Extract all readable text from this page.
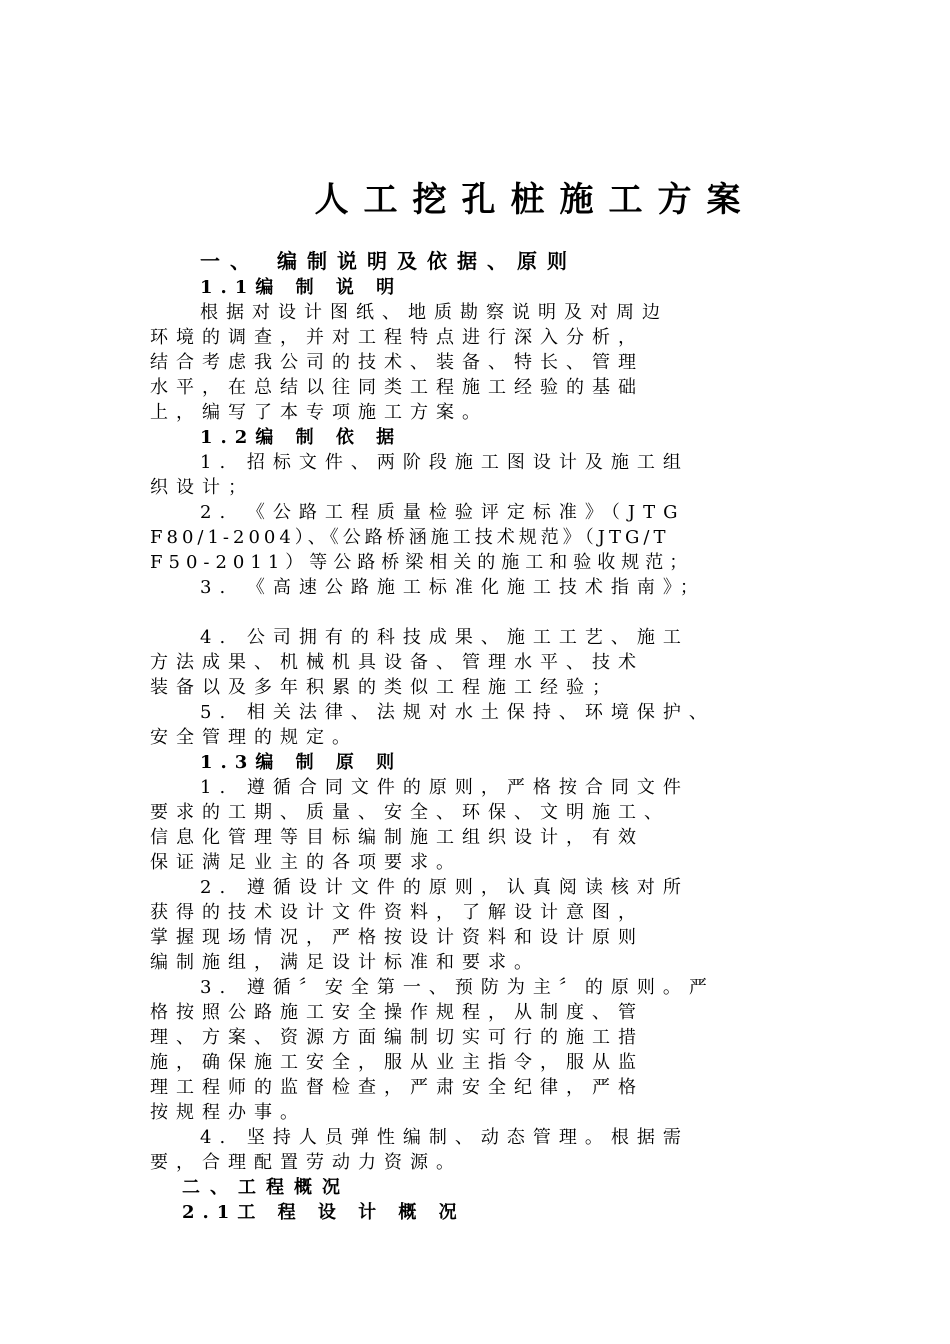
人工挖孔桩施工方案

一、 编制说明及依据、原则

1.1编 制 说 明

根据对设计图纸、地质勘察说明及对周边

环境的调查，并对工程特点进行深入分析，

结合考虑我公司的技术、装备、特长、管理

水平，在总结以往同类工程施工经验的基础

上，编写了本专项施工方案。

1.2编 制 依 据

1. 招标文件、两阶段施工图设计及施工组

织设计；

2. 《公路工程质量检验评定标准》（JTG

F80/1-2004）、《公路桥涵施工技术规范》（JTG/T

F50-2011）等公路桥梁相关的施工和验收规范；

3. 《高速公路施工标准化施工技术指南》；

4. 公司拥有的科技成果、施工工艺、施工

方法成果、机械机具设备、管理水平、技术

装备以及多年积累的类似工程施工经验；

5. 相关法律、法规对水土保持、环境保护、

安全管理的规定。

1.3编 制 原 则

1. 遵循合同文件的原则，严格按合同文件

要求的工期、质量、安全、环保、文明施工、

信息化管理等目标编制施工组织设计，有效

保证满足业主的各项要求。

2. 遵循设计文件的原则，认真阅读核对所

获得的技术设计文件资料，了解设计意图，

掌握现场情况，严格按设计资料和设计原则

编制施组，满足设计标准和要求。

3. 遵循〞安全第一、预防为主〞的原则。严

格按照公路施工安全操作规程，从制度、管

理、方案、资源方面编制切实可行的施工措

施，确保施工安全，服从业主指令，服从监

理工程师的监督检查，严肃安全纪律，严格

按规程办事。

4. 坚持人员弹性编制、动态管理。根据需

要，合理配置劳动力资源。

二、工程概况

2.1工 程 设 计 概 况
